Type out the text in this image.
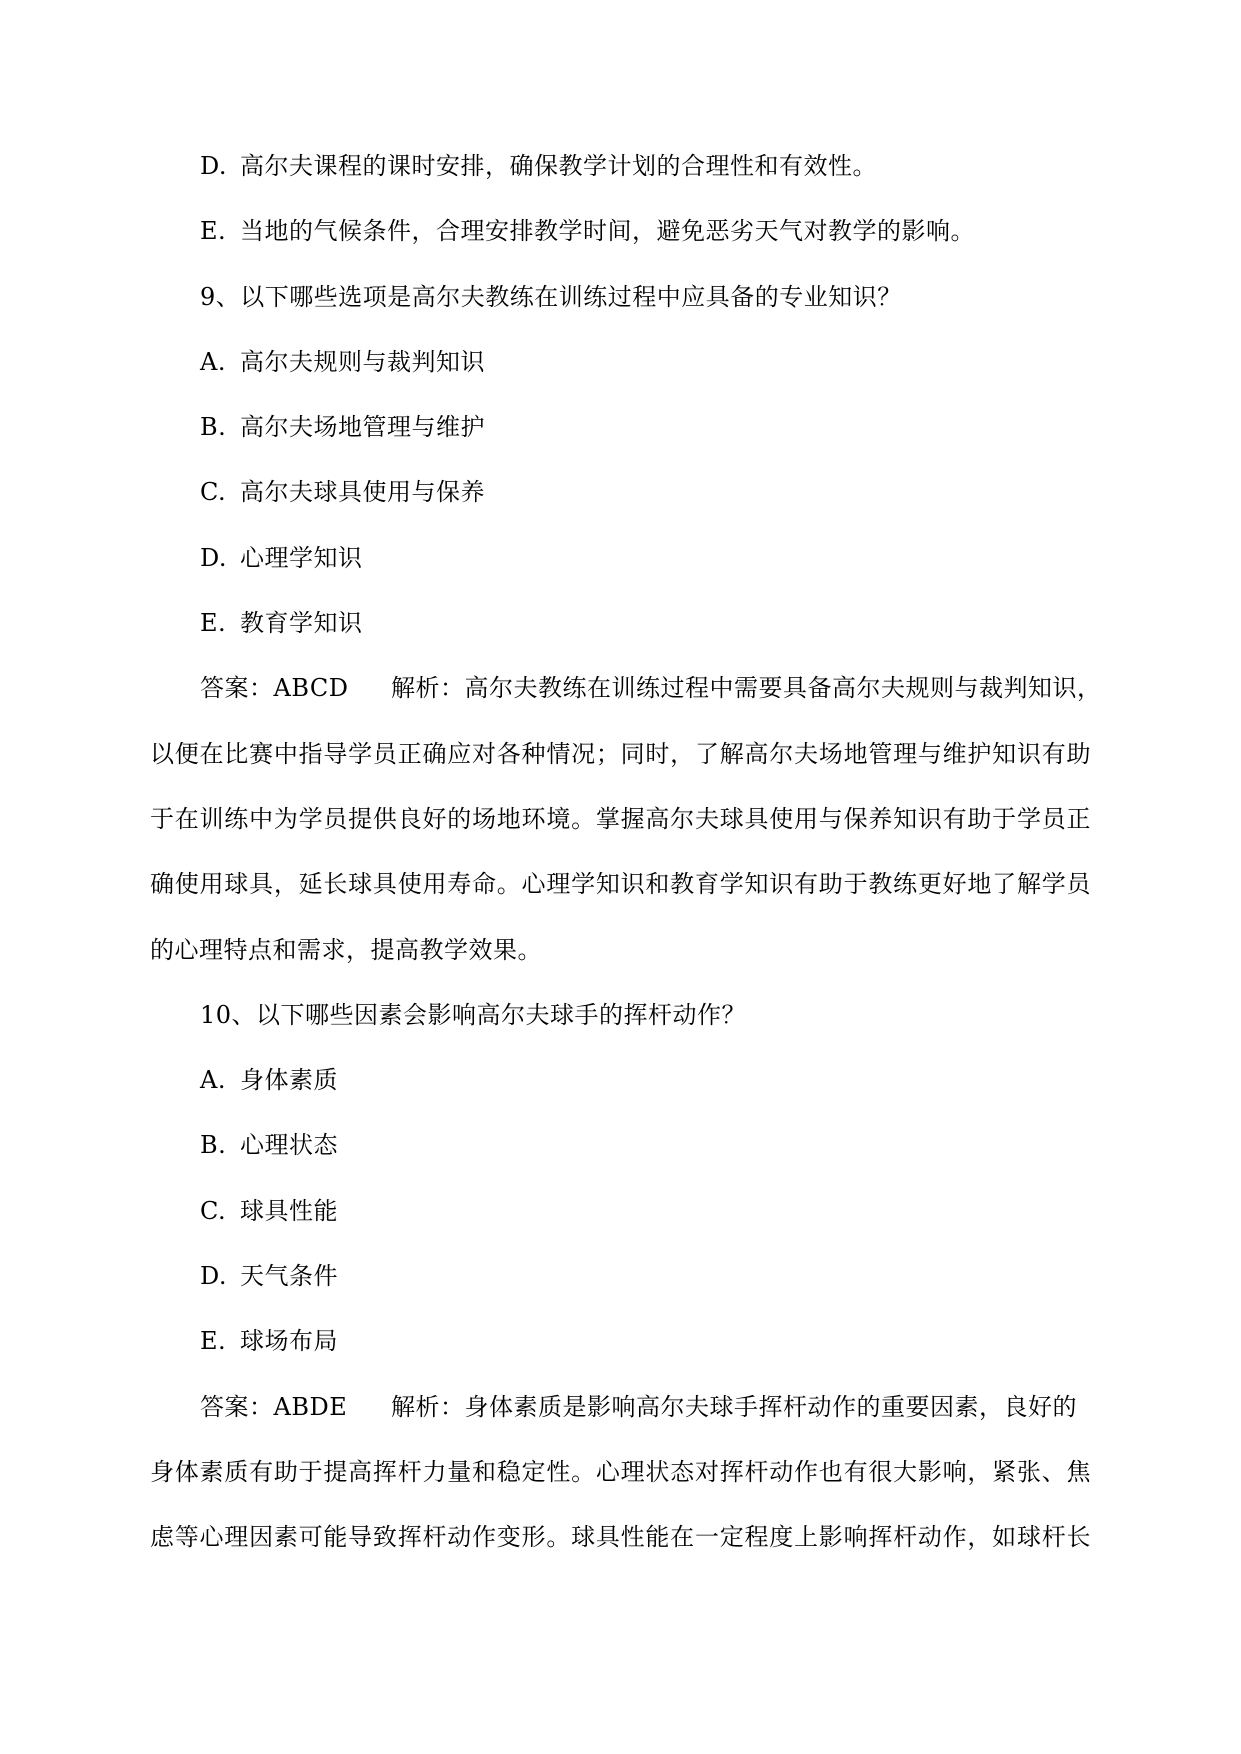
D. 高尔夫课程的课时安排，确保教学计划的合理性和有效性。
E. 当地的气候条件，合理安排教学时间，避免恶劣天气对教学的影响。
9、以下哪些选项是高尔夫教练在训练过程中应具备的专业知识？
A. 高尔夫规则与裁判知识
B. 高尔夫场地管理与维护
C. 高尔夫球具使用与保养
D. 心理学知识
E. 教育学知识
答案：ABCD 解析：高尔夫教练在训练过程中需要具备高尔夫规则与裁判知识，
以便在比赛中指导学员正确应对各种情况；同时，了解高尔夫场地管理与维护知识有助
于在训练中为学员提供良好的场地环境。掌握高尔夫球具使用与保养知识有助于学员正
确使用球具，延长球具使用寿命。心理学知识和教育学知识有助于教练更好地了解学员
的心理特点和需求，提高教学效果。
10、以下哪些因素会影响高尔夫球手的挥杆动作？
A. 身体素质
B. 心理状态
C. 球具性能
D. 天气条件
E. 球场布局
答案：ABDE 解析：身体素质是影响高尔夫球手挥杆动作的重要因素，良好的
身体素质有助于提高挥杆力量和稳定性。心理状态对挥杆动作也有很大影响，紧张、焦
虑等心理因素可能导致挥杆动作变形。球具性能在一定程度上影响挥杆动作，如球杆长
